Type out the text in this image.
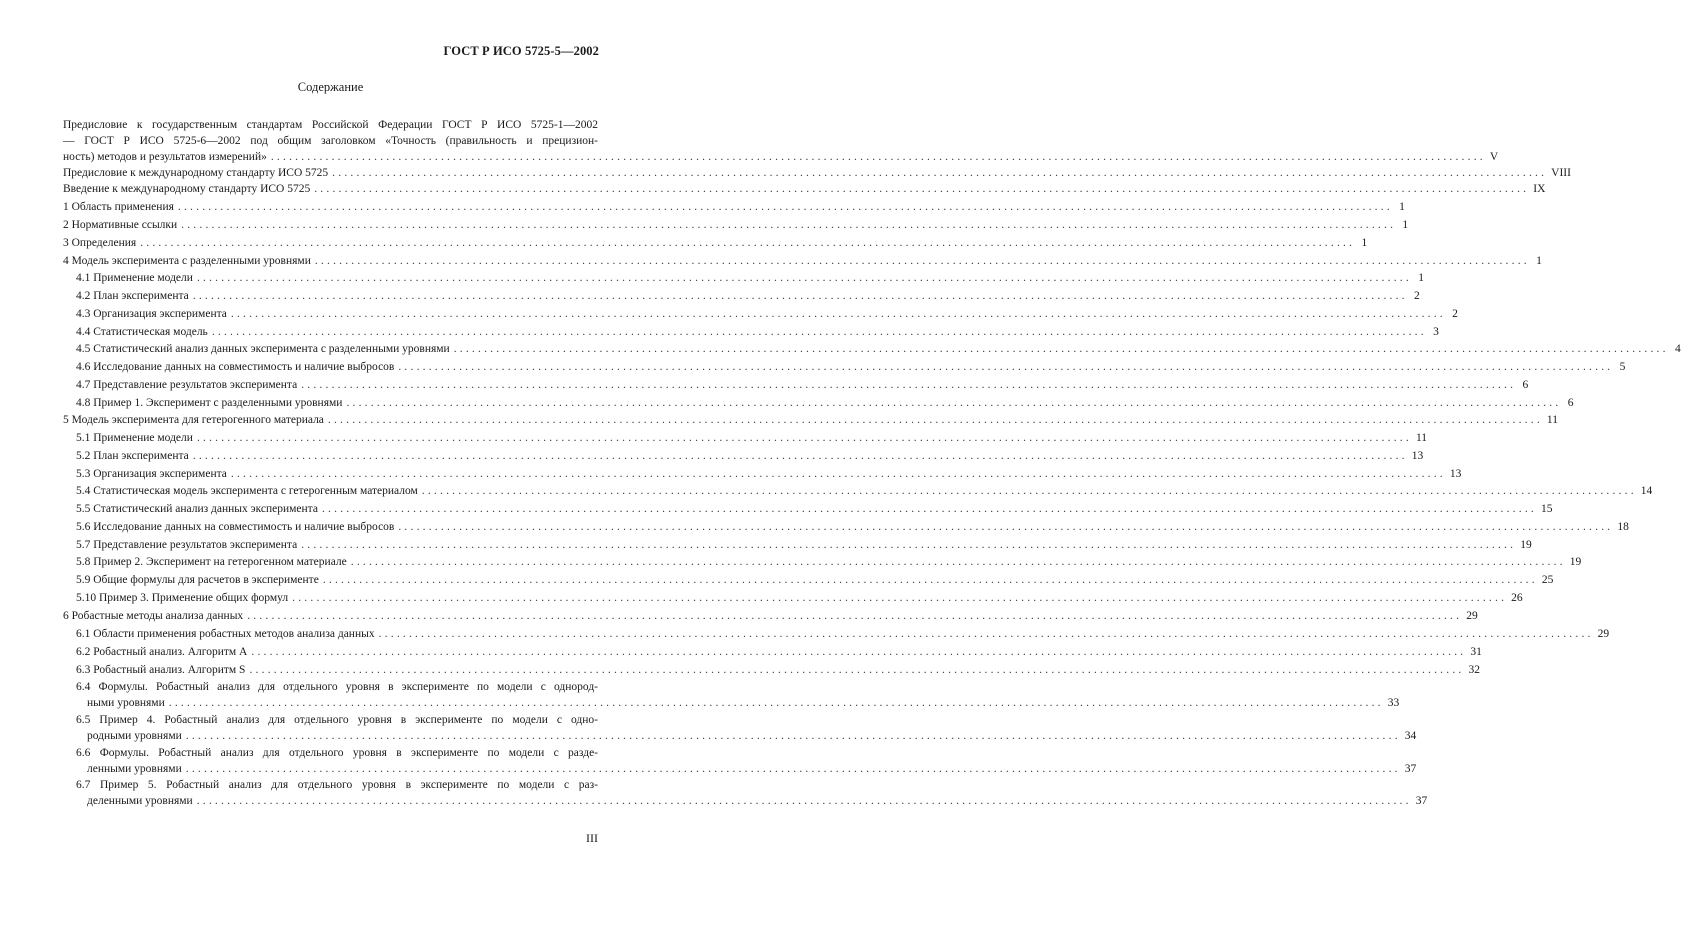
ГОСТ Р ИСО 5725-5—2002
Содержание
Предисловие к государственным стандартам Российской Федерации ГОСТ Р ИСО 5725-1—2002
— ГОСТ Р ИСО 5725-6—2002 под общим заголовком «Точность (правильность и прецизион-
ность) методов и результатов измерений» ........................................................................................................................................................................................................ V
Предисловие к международному стандарту ИСО 5725 ........................................................................................................................................................................................................ VIII
Введение к международному стандарту ИСО 5725 ........................................................................................................................................................................................................ IX
1 Область применения ........................................................................................................................................................................................................ 1
2 Нормативные ссылки ........................................................................................................................................................................................................ 1
3 Определения ........................................................................................................................................................................................................ 1
4 Модель эксперимента с разделенными уровнями ........................................................................................................................................................................................................ 1
4.1 Применение модели ........................................................................................................................................................................................................ 1
4.2 План эксперимента ........................................................................................................................................................................................................ 2
4.3 Организация эксперимента ........................................................................................................................................................................................................ 2
4.4 Статистическая модель ........................................................................................................................................................................................................ 3
4.5 Статистический анализ данных эксперимента с разделенными уровнями ........................................................................................................................................................................................................ 4
4.6 Исследование данных на совместимость и наличие выбросов ........................................................................................................................................................................................................ 5
4.7 Представление результатов эксперимента ........................................................................................................................................................................................................ 6
4.8 Пример 1. Эксперимент с разделенными уровнями ........................................................................................................................................................................................................ 6
5 Модель эксперимента для гетерогенного материала ........................................................................................................................................................................................................ 11
5.1 Применение модели ........................................................................................................................................................................................................ 11
5.2 План эксперимента ........................................................................................................................................................................................................ 13
5.3 Организация эксперимента ........................................................................................................................................................................................................ 13
5.4 Статистическая модель эксперимента с гетерогенным материалом ........................................................................................................................................................................................................ 14
5.5 Статистический анализ данных эксперимента ........................................................................................................................................................................................................ 15
5.6 Исследование данных на совместимость и наличие выбросов ........................................................................................................................................................................................................ 18
5.7 Представление результатов эксперимента ........................................................................................................................................................................................................ 19
5.8 Пример 2. Эксперимент на гетерогенном материале ........................................................................................................................................................................................................ 19
5.9 Общие формулы для расчетов в эксперименте ........................................................................................................................................................................................................ 25
5.10 Пример 3. Применение общих формул ........................................................................................................................................................................................................ 26
6 Робастные методы анализа данных ........................................................................................................................................................................................................ 29
6.1 Области применения робастных методов анализа данных ........................................................................................................................................................................................................ 29
6.2 Робастный анализ. Алгоритм А ........................................................................................................................................................................................................ 31
6.3 Робастный анализ. Алгоритм S ........................................................................................................................................................................................................ 32
6.4 Формулы. Робастный анализ для отдельного уровня в эксперименте по модели с однород-
ными уровнями ........................................................................................................................................................................................................ 33
6.5 Пример 4. Робастный анализ для отдельного уровня в эксперименте по модели с одно-
родными уровнями ........................................................................................................................................................................................................ 34
6.6 Формулы. Робастный анализ для отдельного уровня в эксперименте по модели с разде-
ленными уровнями ........................................................................................................................................................................................................ 37
6.7 Пример 5. Робастный анализ для отдельного уровня в эксперименте по модели с раз-
деленными уровнями ........................................................................................................................................................................................................ 37
III
